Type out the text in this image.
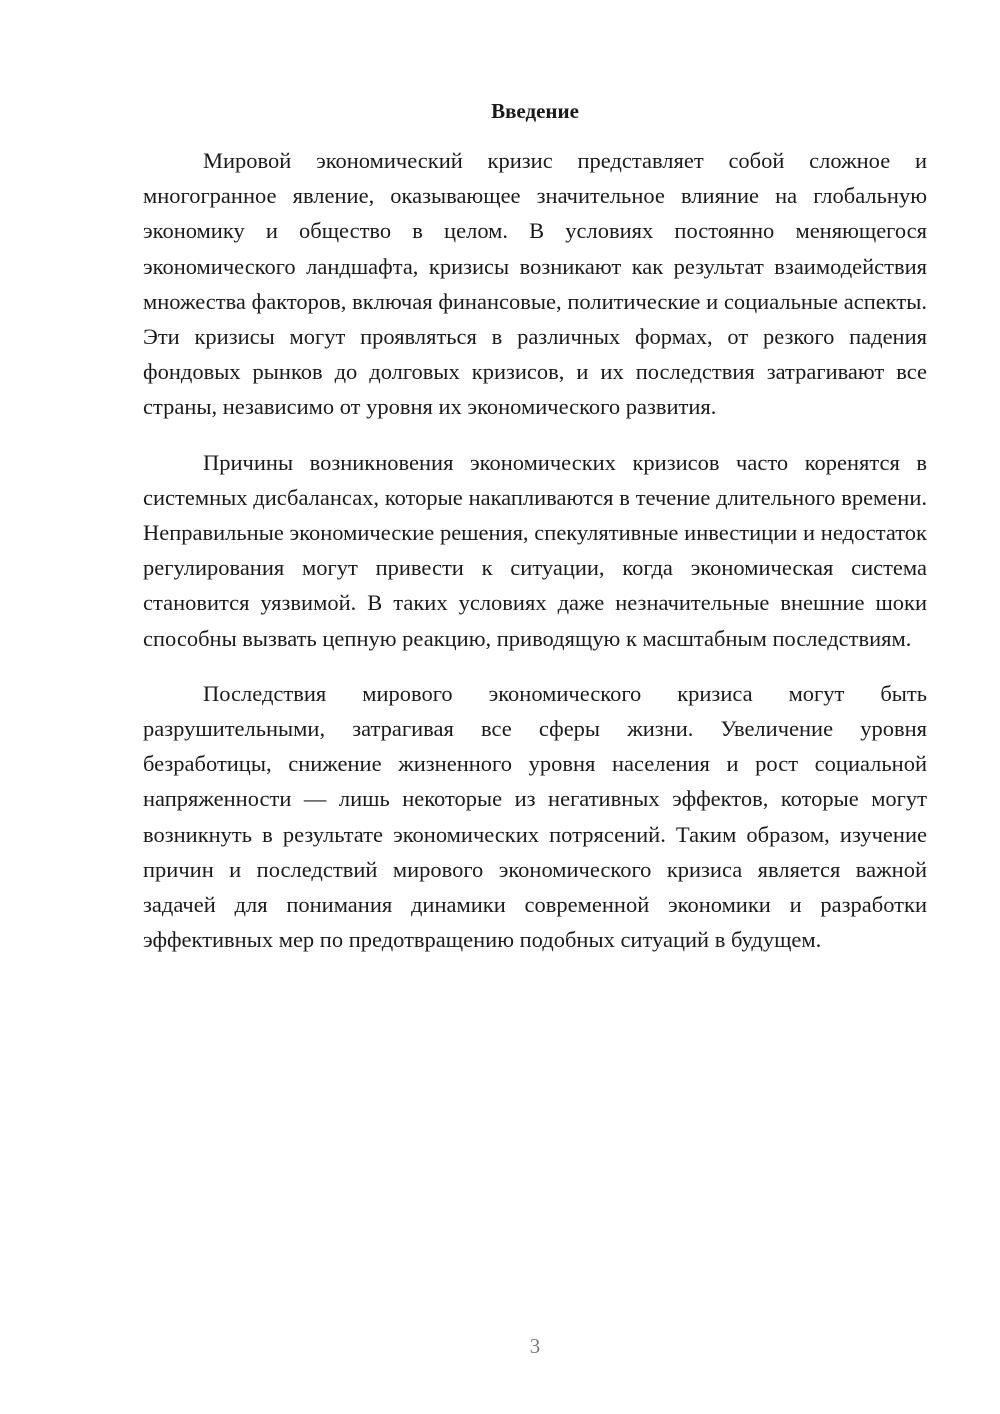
Введение

Мировой экономический кризис представляет собой сложное и многогранное явление, оказывающее значительное влияние на глобальную экономику и общество в целом. В условиях постоянно меняющегося экономического ландшафта, кризисы возникают как результат взаимодействия множества факторов, включая финансовые, политические и социальные аспекты. Эти кризисы могут проявляться в различных формах, от резкого падения фондовых рынков до долговых кризисов, и их последствия затрагивают все страны, независимо от уровня их экономического развития.

Причины возникновения экономических кризисов часто коренятся в системных дисбалансах, которые накапливаются в течение длительного времени. Неправильные экономические решения, спекулятивные инвестиции и недостаток регулирования могут привести к ситуации, когда экономическая система становится уязвимой. В таких условиях даже незначительные внешние шоки способны вызвать цепную реакцию, приводящую к масштабным последствиям.

Последствия мирового экономического кризиса могут быть разрушительными, затрагивая все сферы жизни. Увеличение уровня безработицы, снижение жизненного уровня населения и рост социальной напряженности — лишь некоторые из негативных эффектов, которые могут возникнуть в результате экономических потрясений. Таким образом, изучение причин и последствий мирового экономического кризиса является важной задачей для понимания динамики современной экономики и разработки эффективных мер по предотвращению подобных ситуаций в будущем.

3
